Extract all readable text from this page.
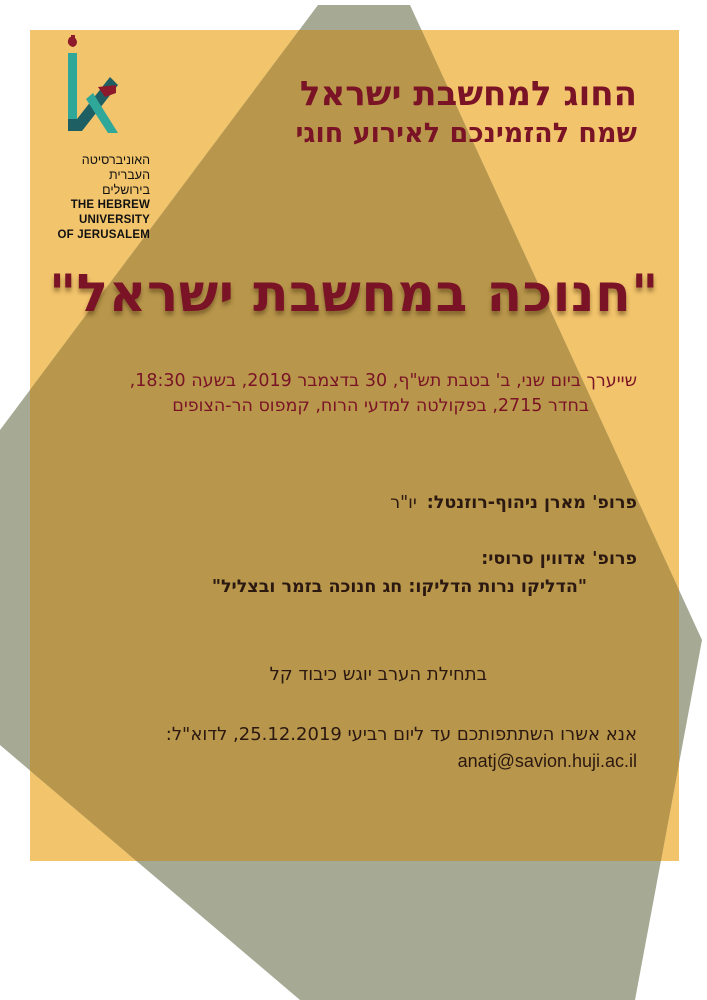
האוניברסיטה
העברית
בירושלים
THE HEBREW
UNIVERSITY
OF JERUSALEM
החוג למחשבת ישראל
שמח להזמינכם לאירוע חוגי
"חנוכה במחשבת ישראל"
שייערך ביום שני, ב' בטבת תש"ף, 30 בדצמבר 2019, בשעה 18:30,
בחדר 2715, בפקולטה למדעי הרוח, קמפוס הר-הצופים
פרופ' מארן ניהוף-רוזנטל:יו"ר
פרופ' אדווין סרוסי:
"הדליקו נרות הדליקו: חג חנוכה בזמר ובצליל"
בתחילת הערב יוגש כיבוד קל
אנא אשרו השתתפותכם עד ליום רביעי 25.12.2019, לדוא"ל:
anatj@savion.huji.ac.il
